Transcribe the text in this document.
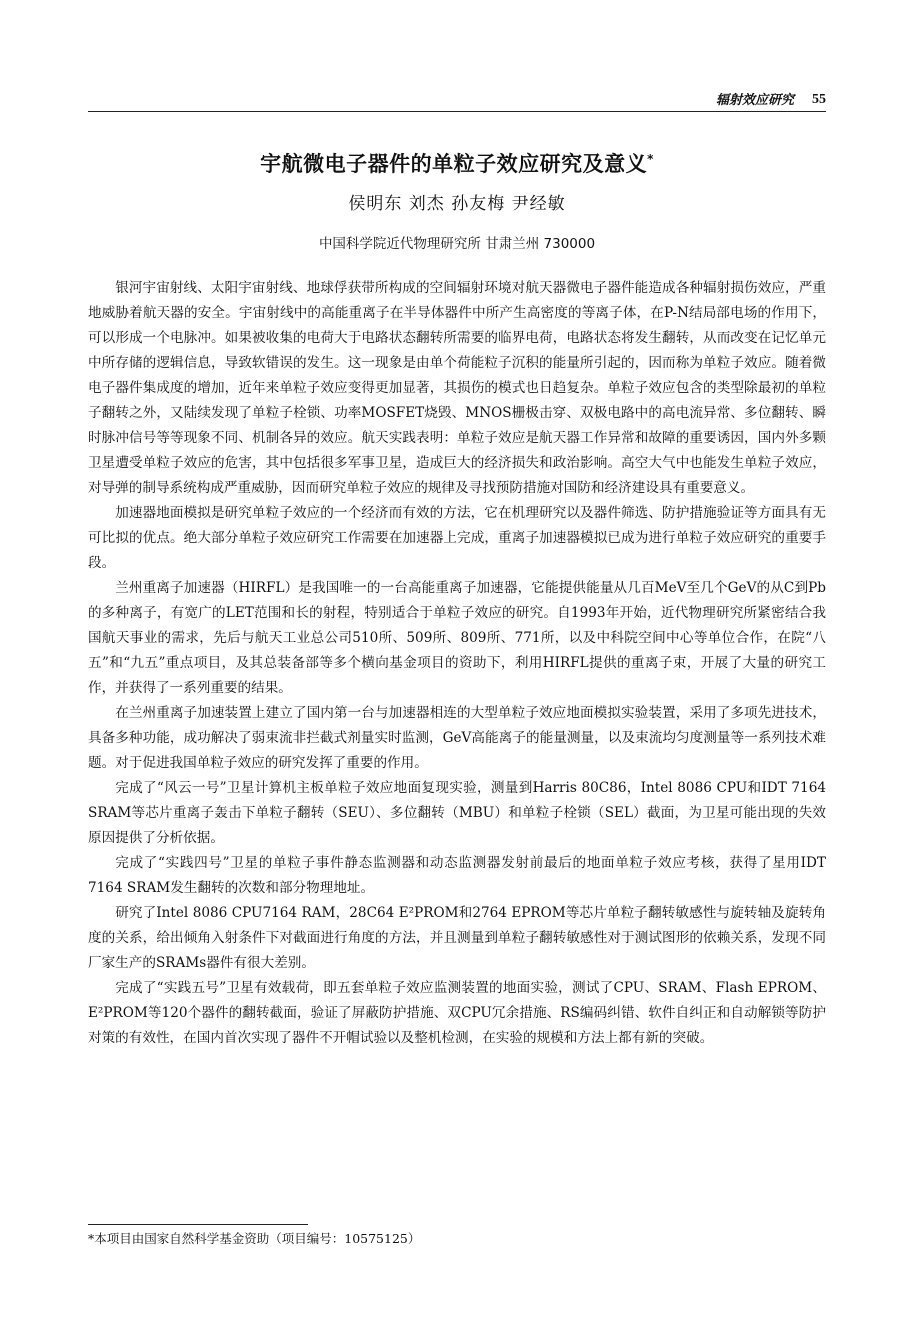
辐射效应研究 55
宇航微电子器件的单粒子效应研究及意义*
侯明东 刘杰 孙友梅 尹经敏
中国科学院近代物理研究所 甘肃兰州 730000

银河宇宙射线、太阳宇宙射线、地球俘获带所构成的空间辐射环境对航天器微电子器件能造成各种辐射损伤效应，严重地威胁着航天器的安全。宇宙射线中的高能重离子在半导体器件中所产生高密度的等离子体，在P-N结局部电场的作用下，可以形成一个电脉冲。如果被收集的电荷大于电路状态翻转所需要的临界电荷，电路状态将发生翻转，从而改变在记忆单元中所存储的逻辑信息，导致软错误的发生。这一现象是由单个荷能粒子沉积的能量所引起的，因而称为单粒子效应。随着微电子器件集成度的增加，近年来单粒子效应变得更加显著，其损伤的模式也日趋复杂。单粒子效应包含的类型除最初的单粒子翻转之外，又陆续发现了单粒子栓锁、功率MOSFET烧毁、MNOS栅极击穿、双极电路中的高电流异常、多位翻转、瞬时脉冲信号等等现象不同、机制各异的效应。航天实践表明：单粒子效应是航天器工作异常和故障的重要诱因，国内外多颗卫星遭受单粒子效应的危害，其中包括很多军事卫星，造成巨大的经济损失和政治影响。高空大气中也能发生单粒子效应，对导弹的制导系统构成严重威胁，因而研究单粒子效应的规律及寻找预防措施对国防和经济建设具有重要意义。

加速器地面模拟是研究单粒子效应的一个经济而有效的方法，它在机理研究以及器件筛选、防护措施验证等方面具有无可比拟的优点。绝大部分单粒子效应研究工作需要在加速器上完成，重离子加速器模拟已成为进行单粒子效应研究的重要手段。

兰州重离子加速器（HIRFL）是我国唯一的一台高能重离子加速器，它能提供能量从几百MeV至几个GeV的从C到Pb的多种离子，有宽广的LET范围和长的射程，特别适合于单粒子效应的研究。自1993年开始，近代物理研究所紧密结合我国航天事业的需求，先后与航天工业总公司510所、509所、809所、771所，以及中科院空间中心等单位合作，在院“八五”和“九五”重点项目，及其总装备部等多个横向基金项目的资助下，利用HIRFL提供的重离子束，开展了大量的研究工作，并获得了一系列重要的结果。

在兰州重离子加速装置上建立了国内第一台与加速器相连的大型单粒子效应地面模拟实验装置，采用了多项先进技术，具备多种功能，成功解决了弱束流非拦截式剂量实时监测，GeV高能离子的能量测量，以及束流均匀度测量等一系列技术难题。对于促进我国单粒子效应的研究发挥了重要的作用。

完成了“风云一号”卫星计算机主板单粒子效应地面复现实验，测量到Harris 80C86，Intel 8086 CPU和IDT 7164 SRAM等芯片重离子轰击下单粒子翻转（SEU）、多位翻转（MBU）和单粒子栓锁（SEL）截面，为卫星可能出现的失效原因提供了分析依据。

完成了“实践四号”卫星的单粒子事件静态监测器和动态监测器发射前最后的地面单粒子效应考核，获得了星用IDT 7164 SRAM发生翻转的次数和部分物理地址。

研究了Intel 8086 CPU7164 RAM，28C64 E²PROM和2764 EPROM等芯片单粒子翻转敏感性与旋转轴及旋转角度的关系，给出倾角入射条件下对截面进行角度的方法，并且测量到单粒子翻转敏感性对于测试图形的依赖关系，发现不同厂家生产的SRAMs器件有很大差别。

完成了“实践五号”卫星有效载荷，即五套单粒子效应监测装置的地面实验，测试了CPU、SRAM、Flash EPROM、E²PROM等120个器件的翻转截面，验证了屏蔽防护措施、双CPU冗余措施、RS编码纠错、软件自纠正和自动解锁等防护对策的有效性，在国内首次实现了器件不开帽试验以及整机检测，在实验的规模和方法上都有新的突破。

*本项目由国家自然科学基金资助（项目编号：10575125）
